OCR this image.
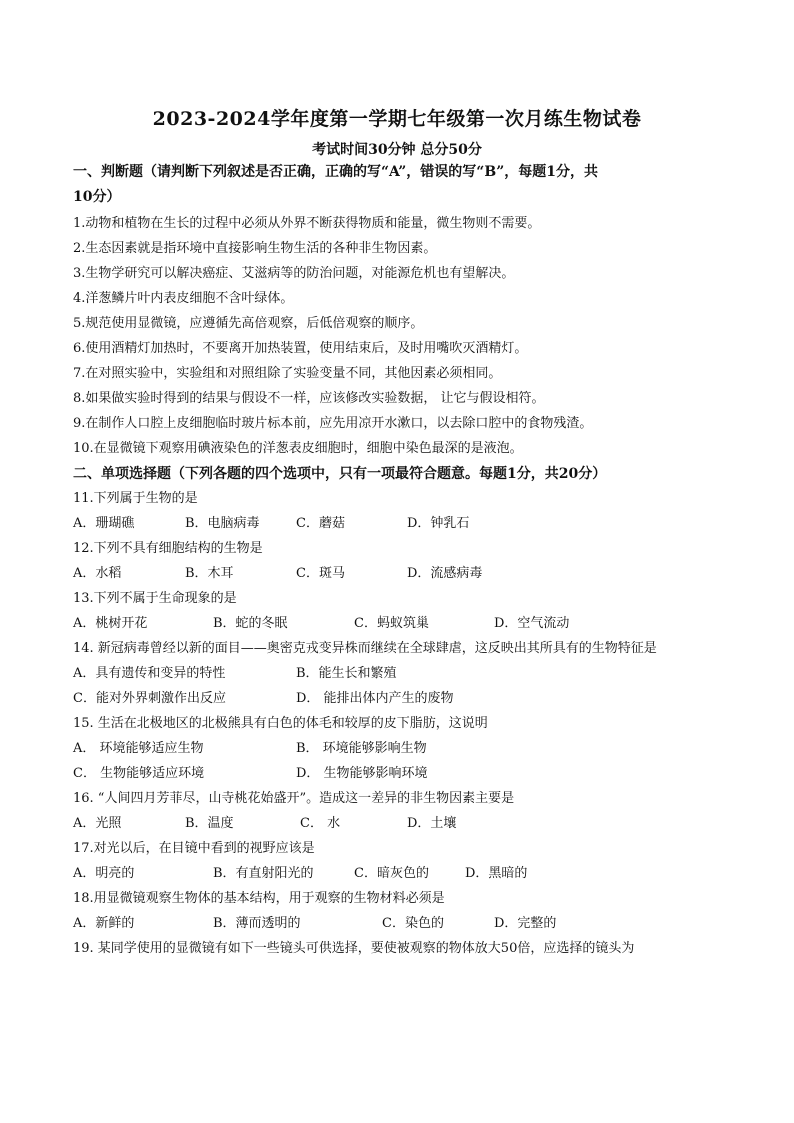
2023-2024学年度第一学期七年级第一次月练生物试卷
考试时间30分钟 总分50分
一、判断题（请判断下列叙述是否正确，正确的写“A”，错误的写“B”，每题1分，共
10分）
1.动物和植物在生长的过程中必须从外界不断获得物质和能量，微生物则不需要。
2.生态因素就是指环境中直接影响生物生活的各种非生物因素。
3.生物学研究可以解决癌症、艾滋病等的防治问题，对能源危机也有望解决。
4.洋葱鳞片叶内表皮细胞不含叶绿体。
5.规范使用显微镜，应遵循先高倍观察，后低倍观察的顺序。
6.使用酒精灯加热时，不要离开加热装置，使用结束后，及时用嘴吹灭酒精灯。
7.在对照实验中，实验组和对照组除了实验变量不同，其他因素必须相同。
8.如果做实验时得到的结果与假设不一样，应该修改实验数据， 让它与假设相符。
9.在制作人口腔上皮细胞临时玻片标本前，应先用凉开水漱口，以去除口腔中的食物残渣。
10.在显微镜下观察用碘液染色的洋葱表皮细胞时，细胞中染色最深的是液泡。
二、单项选择题（下列各题的四个选项中，只有一项最符合题意。每题1分，共20分）
11.下列属于生物的是
A．珊瑚礁	B．电脑病毒	C．蘑菇	D．钟乳石
12.下列不具有细胞结构的生物是
A．水稻	B．木耳	C．斑马	D．流感病毒
13.下列不属于生命现象的是
A．桃树开花	B．蛇的冬眠	C．蚂蚁筑巢	D．空气流动
14. 新冠病毒曾经以新的面目——奥密克戎变异株而继续在全球肆虐，这反映出其所具有的生物特征是
A．具有遗传和变异的特性	B．能生长和繁殖
C．能对外界刺激作出反应	D． 能排出体内产生的废物
15. 生活在北极地区的北极熊具有白色的体毛和较厚的皮下脂肪，这说明
A． 环境能够适应生物	B． 环境能够影响生物
C． 生物能够适应环境	D． 生物能够影响环境
16. “人间四月芳菲尽，山寺桃花始盛开”。造成这一差异的非生物因素主要是
A．光照	B．温度	C． 水	D．土壤
17.对光以后，在目镜中看到的视野应该是
A．明亮的	B．有直射阳光的	C．暗灰色的	D．黑暗的
18.用显微镜观察生物体的基本结构，用于观察的生物材料必须是
A．新鲜的	B．薄而透明的	C．染色的	D．完整的
19. 某同学使用的显微镜有如下一些镜头可供选择，要使被观察的物体放大50倍，应选择的镜头为
